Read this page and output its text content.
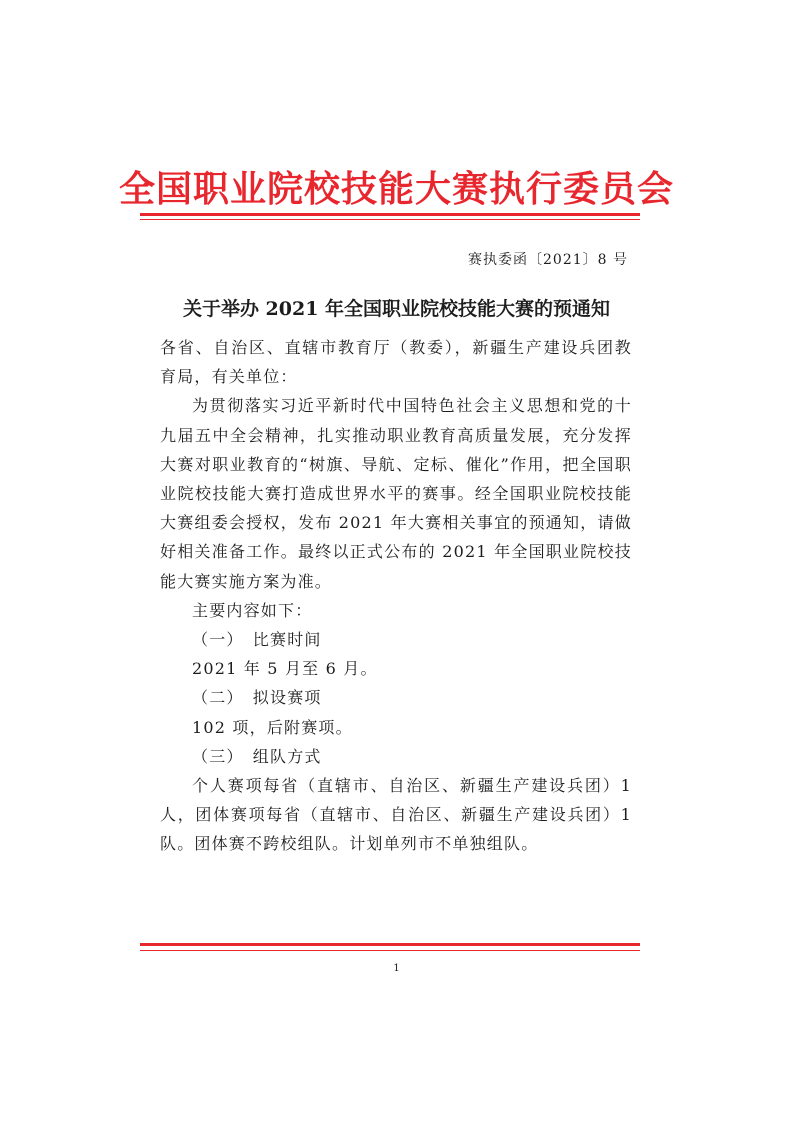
全国职业院校技能大赛执行委员会
赛执委函〔2021〕8 号
关于举办 2021 年全国职业院校技能大赛的预通知

各省、自治区、直辖市教育厅（教委），新疆生产建设兵团教育局，有关单位：

为贯彻落实习近平新时代中国特色社会主义思想和党的十九届五中全会精神，扎实推动职业教育高质量发展，充分发挥大赛对职业教育的“树旗、导航、定标、催化”作用，把全国职业院校技能大赛打造成世界水平的赛事。经全国职业院校技能大赛组委会授权，发布 2021 年大赛相关事宜的预通知，请做好相关准备工作。最终以正式公布的 2021 年全国职业院校技能大赛实施方案为准。

主要内容如下：

（一）　比赛时间

2021 年 5 月至 6 月。

（二）　拟设赛项

102 项，后附赛项。

（三）　组队方式

个人赛项每省（直辖市、自治区、新疆生产建设兵团）1 人，团体赛项每省（直辖市、自治区、新疆生产建设兵团）1 队。团体赛不跨校组队。计划单列市不单独组队。

1
